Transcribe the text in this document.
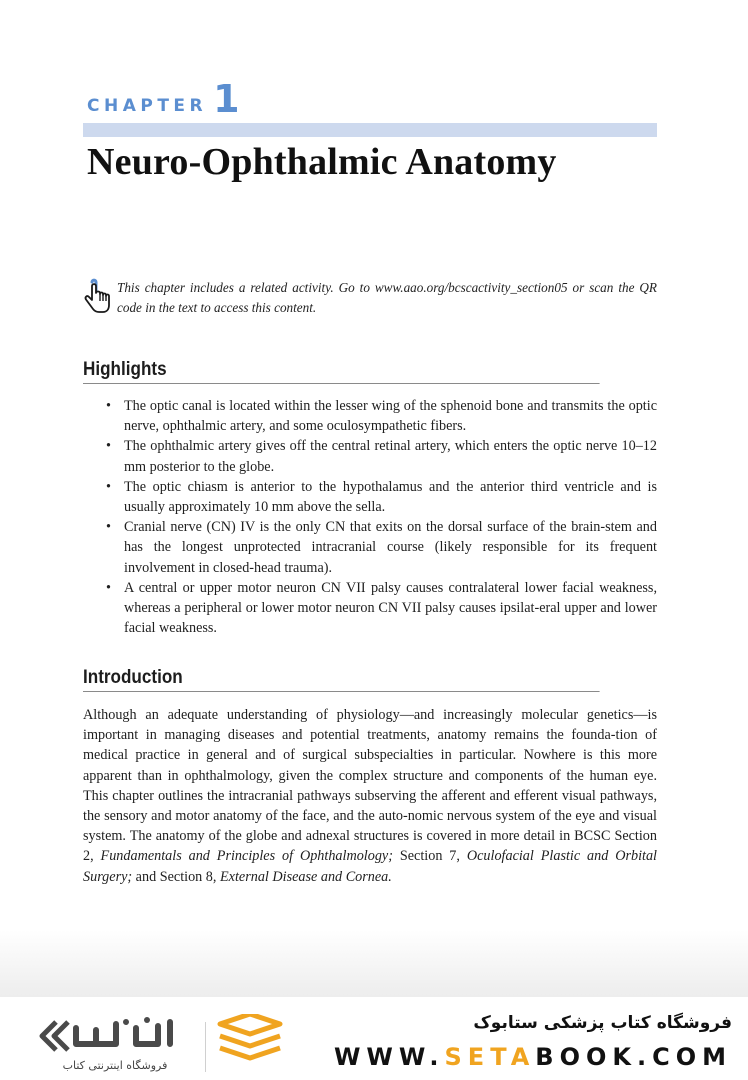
CHAPTER 1
Neuro-Ophthalmic Anatomy

This chapter includes a related activity. Go to www.aao.org/bcscactivity_section05 or scan the QR code in the text to access this content.

Highlights
• The optic canal is located within the lesser wing of the sphenoid bone and transmits the optic nerve, ophthalmic artery, and some oculosympathetic fibers.
• The ophthalmic artery gives off the central retinal artery, which enters the optic nerve 10–12 mm posterior to the globe.
• The optic chiasm is anterior to the hypothalamus and the anterior third ventricle and is usually approximately 10 mm above the sella.
• Cranial nerve (CN) IV is the only CN that exits on the dorsal surface of the brain-stem and has the longest unprotected intracranial course (likely responsible for its frequent involvement in closed-head trauma).
• A central or upper motor neuron CN VII palsy causes contralateral lower facial weakness, whereas a peripheral or lower motor neuron CN VII palsy causes ipsilat-eral upper and lower facial weakness.
Introduction

Although an adequate understanding of physiology—and increasingly molecular genetics—is important in managing diseases and potential treatments, anatomy remains the founda-tion of medical practice in general and of surgical subspecialties in particular. Nowhere is this more apparent than in ophthalmology, given the complex structure and components of the human eye. This chapter outlines the intracranial pathways subserving the afferent and efferent visual pathways, the sensory and motor anatomy of the face, and the auto-nomic nervous system of the eye and visual system. The anatomy of the globe and adnexal structures is covered in more detail in BCSC Section 2, Fundamentals and Principles of Ophthalmology; Section 7, Oculofacial Plastic and Orbital Surgery; and Section 8, External Disease and Cornea.

فروشگاه اینترنتی کتاب
فروشگاه کتاب پزشکی ستابوک
WWW.SETABOOK.COM
